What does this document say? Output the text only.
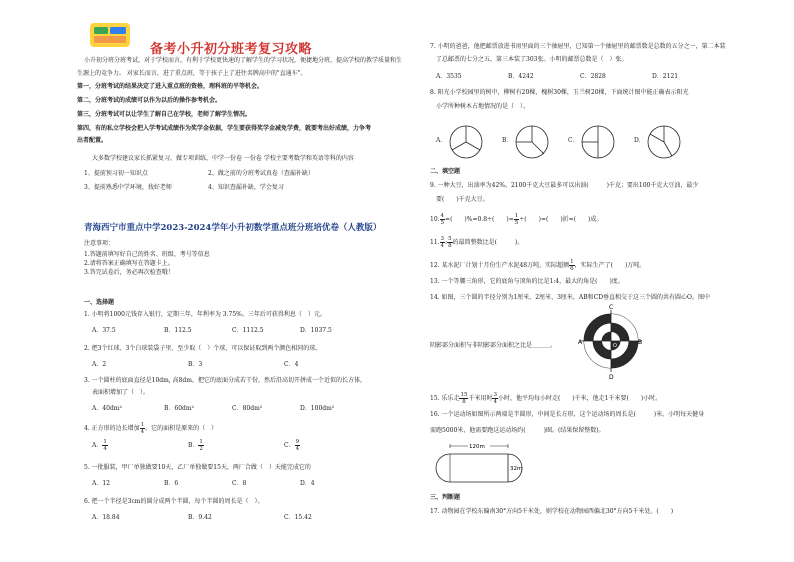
备考小升初分班考复习攻略
小升初分班分班考试，对于学校而言，有利于学校更快速的了解学生的学习状况，便捷地分班，提高学校的教学质量和生
生源上的竞争力。 对家长而言，进了重点班，等于孩子上了进往名牌高中的"直通车"。
第一，分班考试的结果决定了进入重点班的资格，理科班的平等机会。
第二，分班考试的成绩可以作为以后的操作参考机会。
第三，分班考试可以让学生了解自己在学校，老师了解学生情况。
第四，有的私立学校会把入学考试成绩作为奖学金依据，学生要获得奖学金减免学费，就要考出好成绩，力争考
出者配置。
大多数学校建议家长抓紧复习，做专项训练，中学一份卷 一份卷 学校主要考数学和英语等科的内容
1、提前预习初一知识点	2、做之前的分班考试真卷（查漏补缺）
3、提前熟悉中学环境，找好老师	4、知识查漏补缺，学会复习
青海西宁市重点中学2023-2024学年小升初数学重点班分班培优卷（人教版）
注意事项：
1.答题前填写好自己的姓名、班级、考号等信息
2.请将答案正确填写在答题卡上。
3.答完试卷后，务必再次检查哦！
一、选择题
1. 小明将1000元钱存入银行，定期三年，年利率为 3.75%。三年后可获得利息（　）元。
A．37.5	B．112.5	C．1112.5	D．1037.5
2. 把3个红球、3个白球装袋子里，至少取（　）个球，可以保证取到两个颜色相同的球。
A．2	B．3	C．4
3. 一个圆柱的底面直径是10dm, 高8dm，把它的底面分成若干份，然后沿高切开拼成一个近似的长方体，
表面积增加了（　）。
A．40dm²	B．60dm²	C．80dm²	D．100dm²
4. 正方形的边长增加 $\frac{1}{4}$ ，它的面积是原来的（　）
A． $\frac{1}{4}$	B． $\frac{1}{2}$	C． $\frac{9}{4}$
5. 一批服装，甲厂单独做要10天，乙厂单独做要15天，两厂合做（　）天能完成它的
A．12	B．6	C．8	D．4
6. 把一个半径是3cm的圆分成两个半圆，每个半圆的周长是（　）。
A．18.84	B．9.42	C．15.42
7. 小明的爸爸，他把邮票放进书房里面的三个抽屉里，已知第一个抽屉里的邮票数是总数的五分之一，第二本装
了总邮票的七分之五，第三本装了303张。小明的邮票总数是（　）张。
A．3535	B．4242	C．2828	D．2121
8. 阳光小学校园里的树中，柳树有20棵，槐树30棵，玉兰树20棵，下面统计图中能正确表示阳光
小学所种树木占地情况的是（　）。
A．	B．	C．	D．
二、填空题
9. 一种大豆，出油率为42%。2100千克大豆最多可以出油(　　　)千克；要出100千克大豆油，最少
要(　　)千克大豆。
10. $\frac{4}{5}$ =(　　)%=0.8÷(　　)= $\frac{1}{5}$ ÷(　　)=(　　)折=(　　)成。
11. $\frac{3}{4}$ : $\frac{5}{8}$ 的最简整数比是(　　　)。
12. 某水泥厂计划十月份生产水泥48万吨，实际超额 $\frac{1}{6}$ ，实际生产了(　　)万吨。
13. 一个等腰三角形，它的底角与顶角的比是1:4，最大的角是(　　)度。
14. 如图，三个圆的半径分别为1厘米、2厘米、3厘米，AB和CD垂直相交于这三个圆的共有圆心O。图中
阴影部分面积与非阴影部分面积之比是＿＿＿。
C
A	O	B
D
15. 乐乐走 $\frac{15}{8}$ 千米用时 $\frac{3}{4}$ 小时，他平均每小时走(　　)千米，他走1千米要(　　)小时。
16. 一个运动场如图所示两端是半圆形，中间是长方形，这个运动场的周长是(　　　)米。小明每天健身
需跑5000米，他需要跑这运动场约(　　　)圈。(结果保留整数)。
120m
32m
三、判断题
17. 动物园在学校东偏南30°方向5千米处，则学校在动物园西偏北30°方向5千米处。(　　)
